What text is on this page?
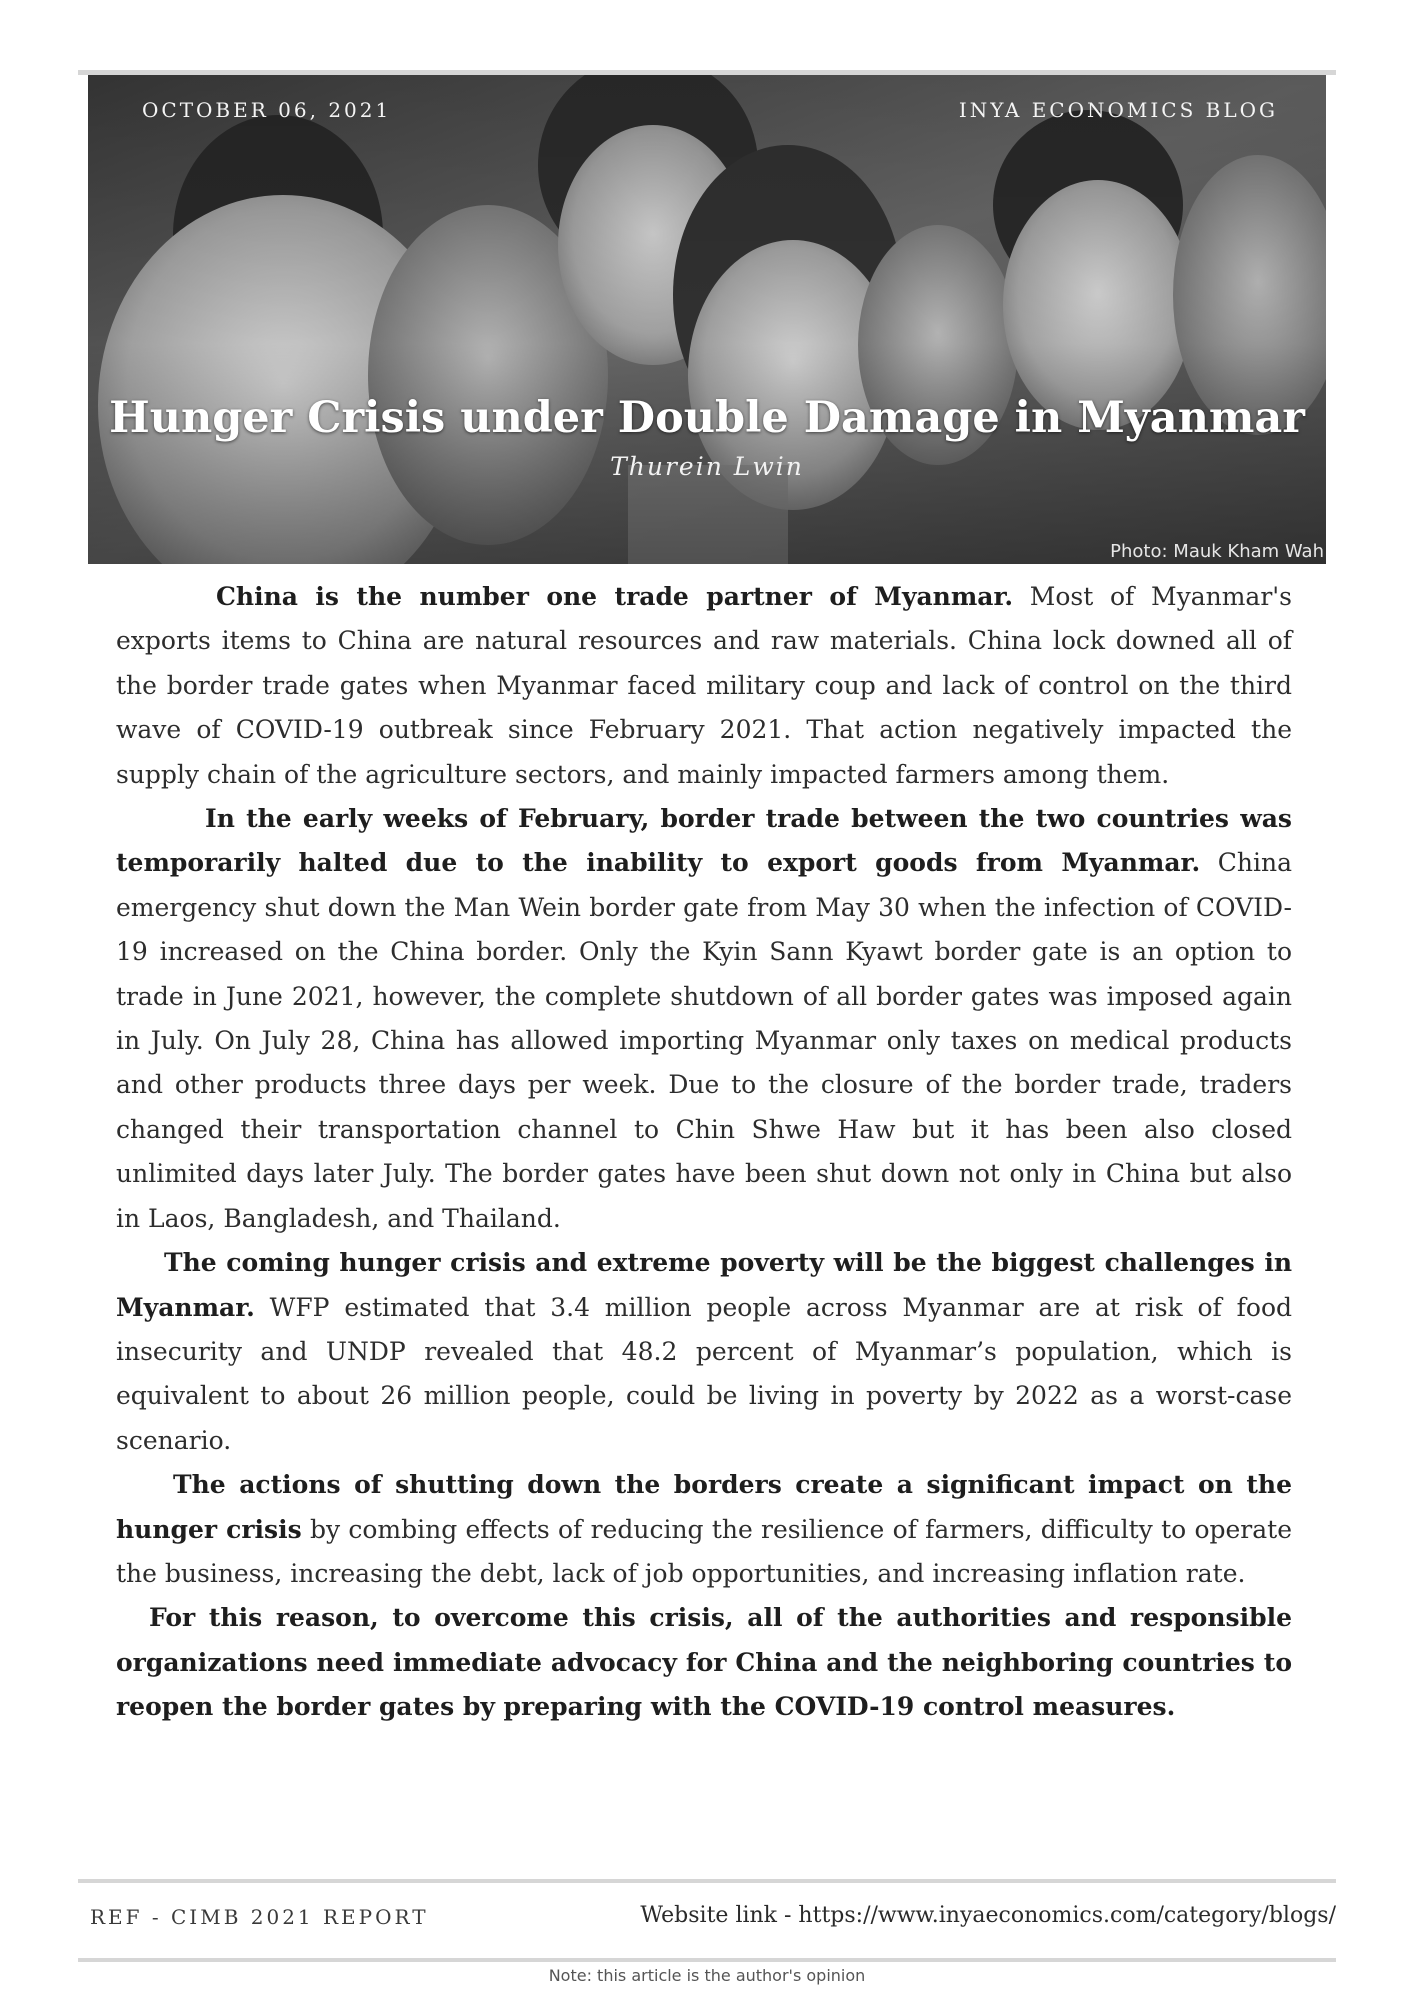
OCTOBER 06, 2021	INYA ECONOMICS BLOG
Hunger Crisis under Double Damage in Myanmar
Thurein Lwin
Photo: Mauk Kham Wah

China is the number one trade partner of Myanmar. Most of Myanmar's exports items to China are natural resources and raw materials. China lock downed all of the border trade gates when Myanmar faced military coup and lack of control on the third wave of COVID-19 outbreak since February 2021. That action negatively impacted the supply chain of the agriculture sectors, and mainly impacted farmers among them.

In the early weeks of February, border trade between the two countries was temporarily halted due to the inability to export goods from Myanmar. China emergency shut down the Man Wein border gate from May 30 when the infection of COVID-19 increased on the China border. Only the Kyin Sann Kyawt border gate is an option to trade in June 2021, however, the complete shutdown of all border gates was imposed again in July. On July 28, China has allowed importing Myanmar only taxes on medical products and other products three days per week. Due to the closure of the border trade, traders changed their transportation channel to Chin Shwe Haw but it has been also closed unlimited days later July. The border gates have been shut down not only in China but also in Laos, Bangladesh, and Thailand.

The coming hunger crisis and extreme poverty will be the biggest challenges in Myanmar. WFP estimated that 3.4 million people across Myanmar are at risk of food insecurity and UNDP revealed that 48.2 percent of Myanmar’s population, which is equivalent to about 26 million people, could be living in poverty by 2022 as a worst-case scenario.

The actions of shutting down the borders create a significant impact on the hunger crisis by combing effects of reducing the resilience of farmers, difficulty to operate the business, increasing the debt, lack of job opportunities, and increasing inflation rate.

For this reason, to overcome this crisis, all of the authorities and responsible organizations need immediate advocacy for China and the neighboring countries to reopen the border gates by preparing with the COVID-19 control measures.

REF - CIMB 2021 REPORT	Website link - https://www.inyaeconomics.com/category/blogs/
Note: this article is the author's opinion
